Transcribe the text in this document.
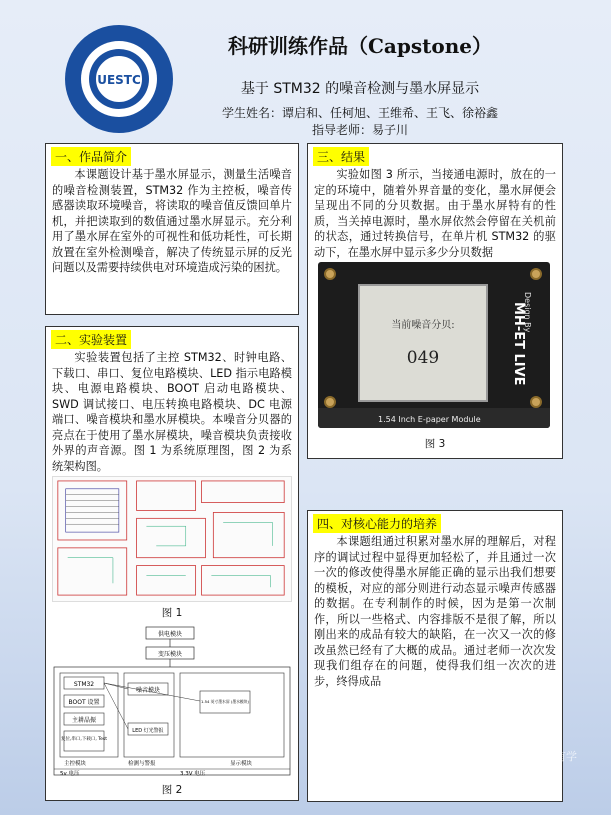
UESTC
科研训练作品（Capstone）
基于 STM32 的噪音检测与墨水屏显示
学生姓名：谭启和、任柯旭、王维希、王飞、徐裕鑫
指导老师：易子川
一、作品简介

本课题设计基于墨水屏显示，测量生活噪音的噪音检测装置，STM32 作为主控板，噪音传感器读取环境噪音，将读取的噪音值反馈回单片机，并把读取到的数值通过墨水屏显示。充分利用了墨水屏在室外的可视性和低功耗性，可长期放置在室外检测噪音，解决了传统显示屏的反光问题以及需要持续供电对环境造成污染的困扰。

二、实验装置

实验装置包括了主控 STM32、时钟电路、下载口、串口、复位电路模块、LED 指示电路模块、电源电路模块、BOOT 启动电路模块、SWD 调试接口、电压转换电路模块、DC 电源端口、噪音模块和墨水屏模块。本噪音分贝器的亮点在于使用了墨水屏模块，噪音模块负责接收外界的声音源。图 1 为系统原理图，图 2 为系统架构图。

图 1
供电模块
变压模块
STM32
BOOT 设置
主耕晶振
复位,串口,下载口, Test
主控模块
噪音模块
LED 灯光警报
检测与警报
1.54 英寸墨水屏 (墨水模块)
显示模块
5v 电压	3.3V 电压
图 2
三、结果

实验如图 3 所示，当接通电源时，放在的一定的环境中，随着外界音量的变化，墨水屏便会呈现出不同的分贝数据。由于墨水屏特有的性质，当关掉电源时，墨水屏依然会停留在关机前的状态，通过转换信号，在单片机 STM32 的驱动下，在墨水屏中显示多少分贝数据

当前噪音分贝:
049	MH-ET LIVE
Design By
1.54 Inch E-paper Module
图 3
四、对核心能力的培养

本课题组通过积累对墨水屏的理解后，对程序的调试过程中显得更加轻松了，并且通过一次一次的修改使得墨水屏能正确的显示出我们想要的模板，对应的部分则进行动态显示噪声传感器的数据。在专利制作的时候，因为是第一次制作，所以一些格式、内容排版不是很了解，所以刚出来的成品有较大的缺陷，在一次又一次的修改虽然已经有了大概的成品。通过老师一次次发现我们组存在的问题，使得我们组一次次的进步，终得成品

成电多有志有学
